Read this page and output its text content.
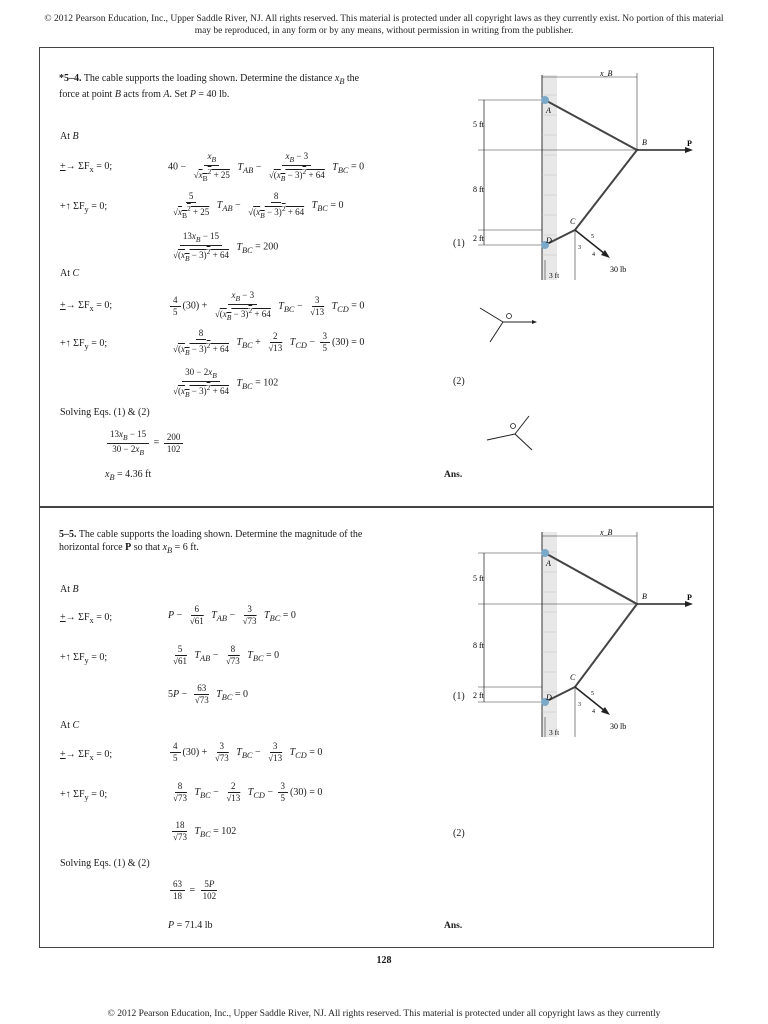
© 2012 Pearson Education, Inc., Upper Saddle River, NJ. All rights reserved. This material is protected under all copyright laws as they currently exist. No portion of this material may be reproduced, in any form or by any means, without permission in writing from the publisher.
*5–4. The cable supports the loading shown. Determine the distance $x_B$ the force at point B acts from A. Set P = 40 lb.
At B
+→ $\Sigma F_x = 0$;	$40 - \frac{x_B}{√x_B^2 + 25} T_{AB} - \frac{x_B - 3}{√(x_B - 3)^2 + 64} T_{BC} = 0$
+↑ $\Sigma F_y = 0$;	$\frac{5}{√x_B^2 + 25} T_{AB} - \frac{8}{√(x_B - 3)^2 + 64} T_{BC} = 0$
$\frac{13x_B - 15}{√(x_B - 3)^2 + 64} T_{BC} = 200$	(1)
At C
+→ $\Sigma F_x = 0$;	$\frac{4}{5} (30) + \frac{x_B - 3}{√(x_B - 3)^2 + 64} T_{BC} - \frac{3}{√13} T_{CD} = 0$
+↑ $\Sigma F_y = 0$;	$\frac{8}{√(x_B - 3)^2 + 64} T_{BC} + \frac{2}{√13} T_{CD} - \frac{3}{5} (30) = 0$
$\frac{30 - 2x_B}{√(x_B - 3)^2 + 64} T_{BC} = 102$	(2)
Solving Eqs. (1) & (2)
$\frac{13x_B - 15}{30 - 2x_B} = \frac{200}{102}$
$x_B = 4.36$ ft	Ans.
5 ft
8 ft
2 ft
x_B
A
B
C
D
P
30 lb
5
3
4
3 ft
5–5. The cable supports the loading shown. Determine the magnitude of the horizontal force P so that $x_B = 6$ ft.
At B
+→ $\Sigma F_x = 0$;	$P - \frac{6}{√61} T_{AB} - \frac{3}{√73} T_{BC} = 0$
+↑ $\Sigma F_y = 0$;	$\frac{5}{√61} T_{AB} - \frac{8}{√73} T_{BC} = 0$
$5P - \frac{63}{√73} T_{BC} = 0$	(1)
At C
+→ $\Sigma F_x = 0$;	$\frac{4}{5} (30) + \frac{3}{√73} T_{BC} - \frac{3}{√13} T_{CD} = 0$
+↑ $\Sigma F_y = 0$;	$\frac{8}{√73} T_{BC} - \frac{2}{√13} T_{CD} - \frac{3}{5} (30) = 0$
$\frac{18}{√73} T_{BC} = 102$	(2)
Solving Eqs. (1) & (2)
$\frac{63}{18} = \frac{5P}{102}$
P = 71.4 lb	Ans.
5 ft
8 ft
2 ft
x_B
A
B
C
D
P
30 lb
5
3
4
3 ft
128
© 2012 Pearson Education, Inc., Upper Saddle River, NJ. All rights reserved. This material is protected under all copyright laws as they currently
